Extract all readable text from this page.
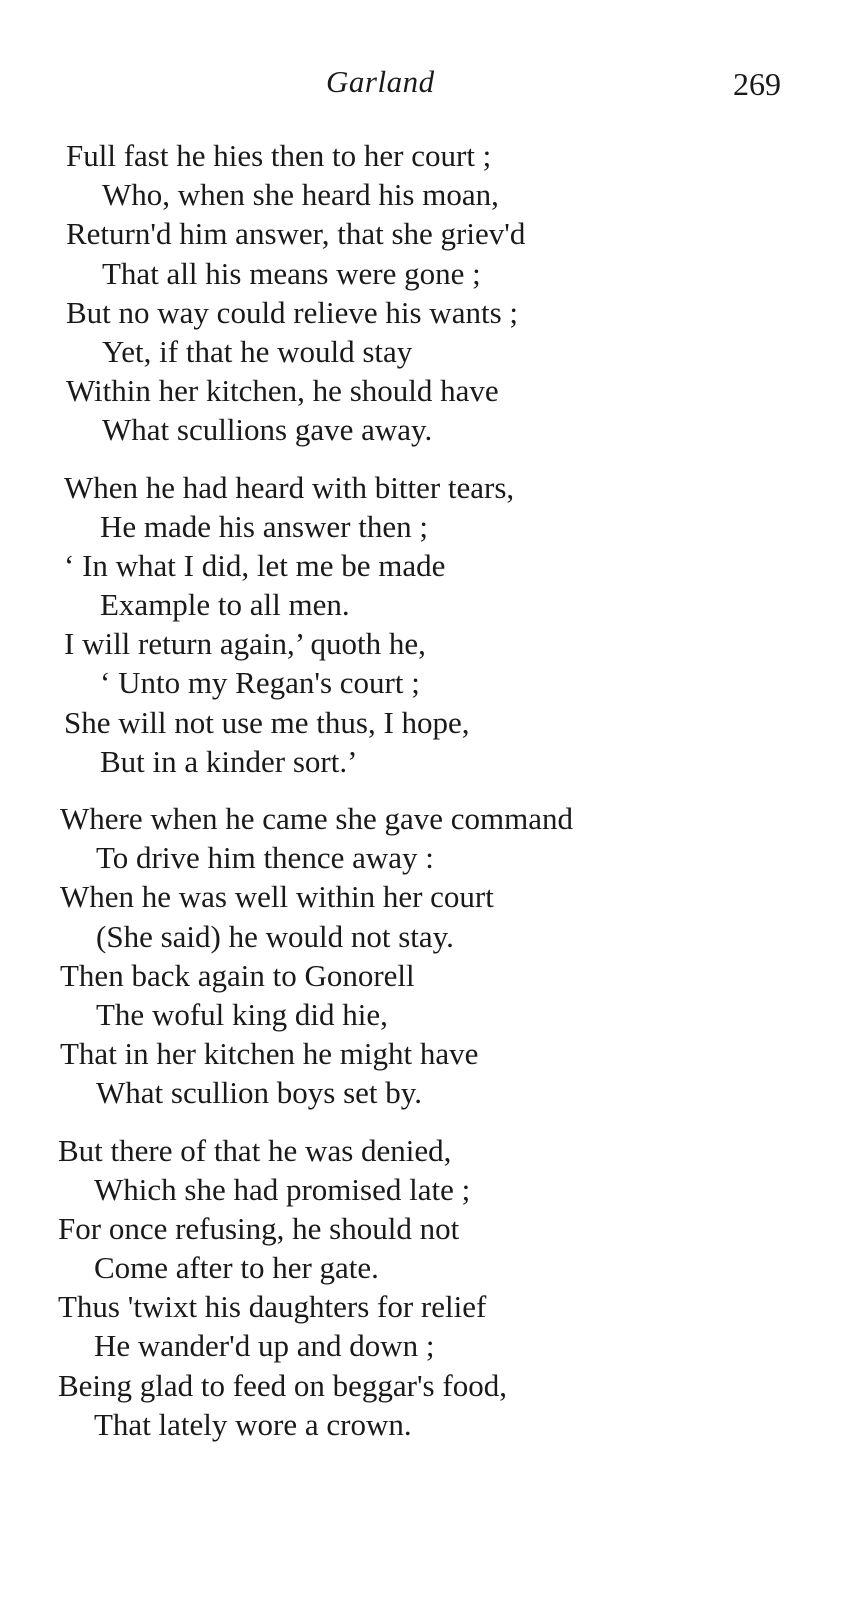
Garland	269
Full fast he hies then to her court ;
Who, when she heard his moan,
Return'd him answer, that she griev'd
That all his means were gone ;
But no way could relieve his wants ;
Yet, if that he would stay
Within her kitchen, he should have
What scullions gave away.
When he had heard with bitter tears,
He made his answer then ;
‘ In what I did, let me be made
Example to all men.
I will return again,’ quoth he,
‘ Unto my Regan's court ;
She will not use me thus, I hope,
But in a kinder sort.’
Where when he came she gave command
To drive him thence away :
When he was well within her court
(She said) he would not stay.
Then back again to Gonorell
The woful king did hie,
That in her kitchen he might have
What scullion boys set by.
But there of that he was denied,
Which she had promised late ;
For once refusing, he should not
Come after to her gate.
Thus 'twixt his daughters for relief
He wander'd up and down ;
Being glad to feed on beggar's food,
That lately wore a crown.
